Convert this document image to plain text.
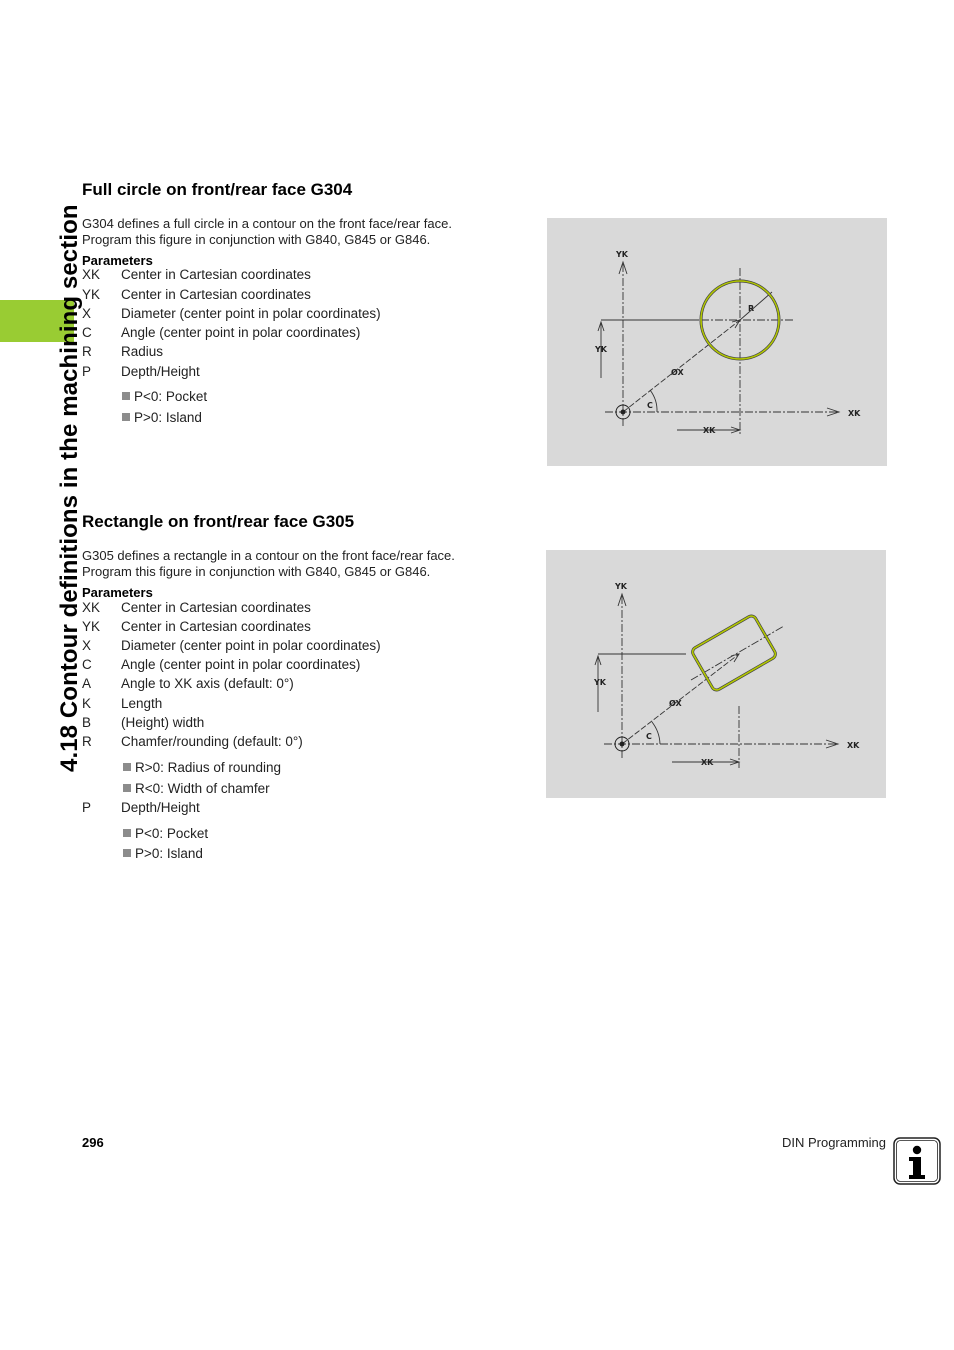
4.18 Contour definitions in the machining section
Full circle on front/rear face G304
G304 defines a full circle in a contour on the front face/rear face.
Program this figure in conjunction with G840, G845 or G846.
Parameters
XK Center in Cartesian coordinates
YK Center in Cartesian coordinates
X Diameter (center point in polar coordinates)
C Angle (center point in polar coordinates)
R Radius
P Depth/Height
P<0: Pocket
P>0: Island
YK
YK
R
ØX
C
XK
XK
Rectangle on front/rear face G305
G305 defines a rectangle in a contour on the front face/rear face.
Program this figure in conjunction with G840, G845 or G846.
Parameters
XK Center in Cartesian coordinates
YK Center in Cartesian coordinates
X Diameter (center point in polar coordinates)
C Angle (center point in polar coordinates)
A Angle to XK axis (default: 0°)
K Length
B (Height) width
R Chamfer/rounding (default: 0°)
R>0: Radius of rounding
R<0: Width of chamfer
P Depth/Height
P<0: Pocket
P>0: Island
YK
YK
ØX
C
XK
XK
296	DIN Programming
